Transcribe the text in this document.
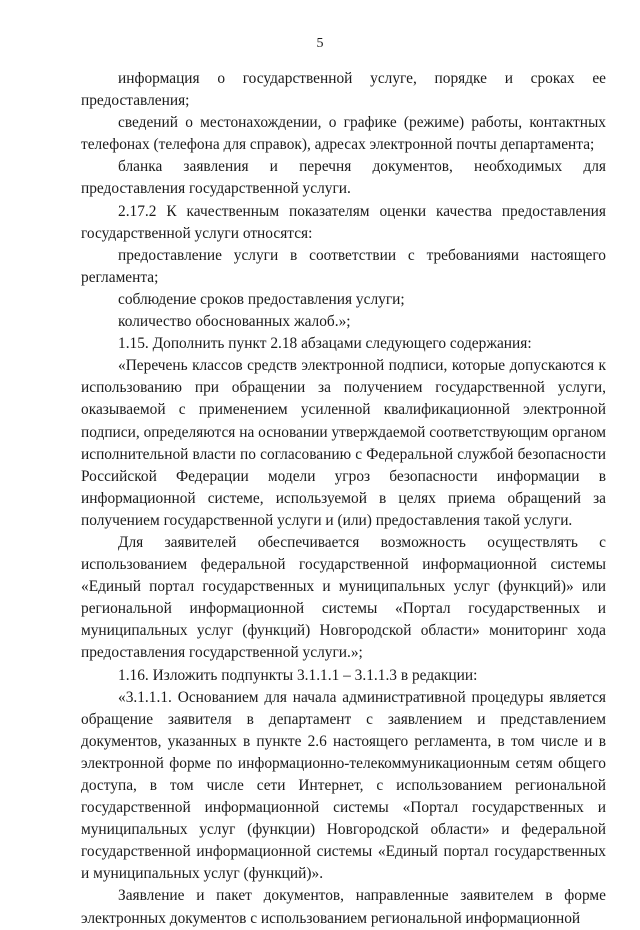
5

информация о государственной услуге, порядке и сроках ее предоставления;

сведений о местонахождении, о графике (режиме) работы, контактных телефонах (телефона для справок), адресах электронной почты департамента;

бланка заявления и перечня документов, необходимых для предоставления государственной услуги.

2.17.2 К качественным показателям оценки качества предоставления государственной услуги относятся:

предоставление услуги в соответствии с требованиями настоящего регламента;

соблюдение сроков предоставления услуги;

количество обоснованных жалоб.»;

1.15. Дополнить пункт 2.18 абзацами следующего содержания:

«Перечень классов средств электронной подписи, которые допускаются к использованию при обращении за получением государственной услуги, оказываемой с применением усиленной квалификационной электронной подписи, определяются на основании утверждаемой соответствующим органом исполнительной власти по согласованию с Федеральной службой безопасности Российской Федерации модели угроз безопасности информации в информационной системе, используемой в целях приема обращений за получением государственной услуги и (или) предоставления такой услуги.

Для заявителей обеспечивается возможность осуществлять с использованием федеральной государственной информационной системы «Единый портал государственных и муниципальных услуг (функций)» или региональной информационной системы «Портал государственных и муниципальных услуг (функций) Новгородской области» мониторинг хода предоставления государственной услуги.»;

1.16. Изложить подпункты 3.1.1.1 – 3.1.1.3 в редакции:

«3.1.1.1. Основанием для начала административной процедуры является обращение заявителя в департамент с заявлением и представлением документов, указанных в пункте 2.6 настоящего регламента, в том числе и в электронной форме по информационно-телекоммуникационным сетям общего доступа, в том числе сети Интернет, с использованием региональной государственной информационной системы «Портал государственных и муниципальных услуг (функции) Новгородской области» и федеральной государственной информационной системы «Единый портал государственных и муниципальных услуг (функций)».

Заявление и пакет документов, направленные заявителем в форме электронных документов с использованием региональной информационной
